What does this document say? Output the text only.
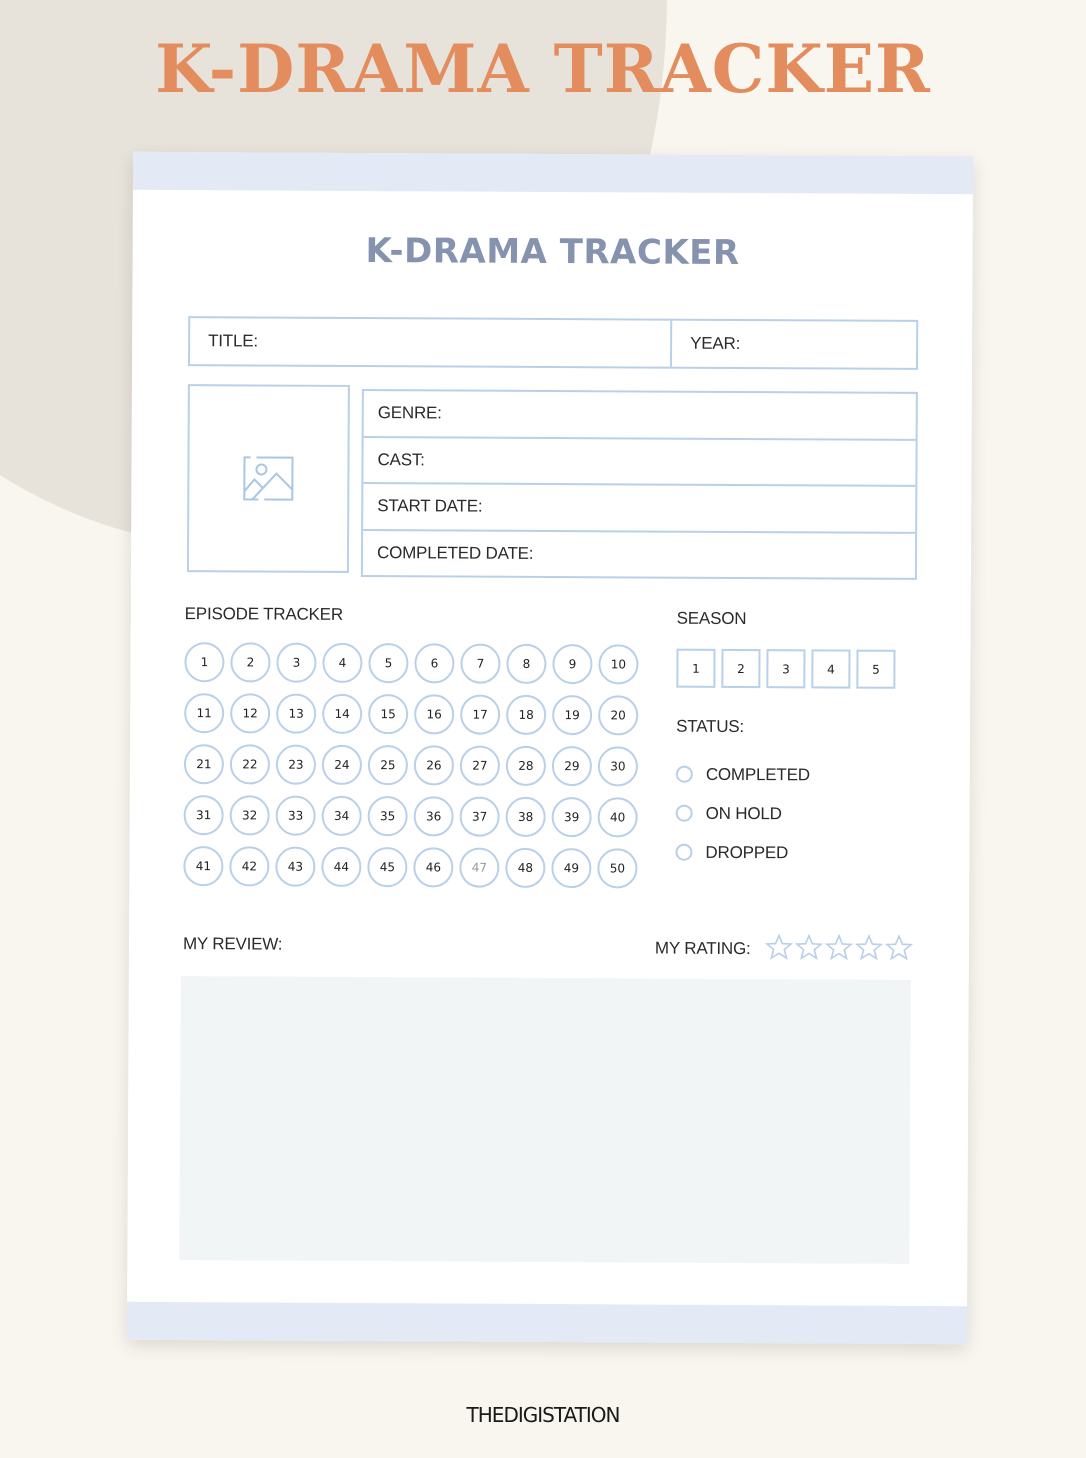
K-DRAMA TRACKER
K-DRAMA TRACKER
TITLE:	YEAR:
GENRE:
CAST:
START DATE:
COMPLETED DATE:
EPISODE TRACKER
1	2	3	4	5	6	7	8	9	10
11	12	13	14	15	16	17	18	19	20
21	22	23	24	25	26	27	28	29	30
31	32	33	34	35	36	37	38	39	40
41	42	43	44	45	46	47	48	49	50
SEASON
1	2	3	4	5
STATUS:
COMPLETED
ON HOLD
DROPPED
MY REVIEW:	MY RATING:
THEDIGISTATION
